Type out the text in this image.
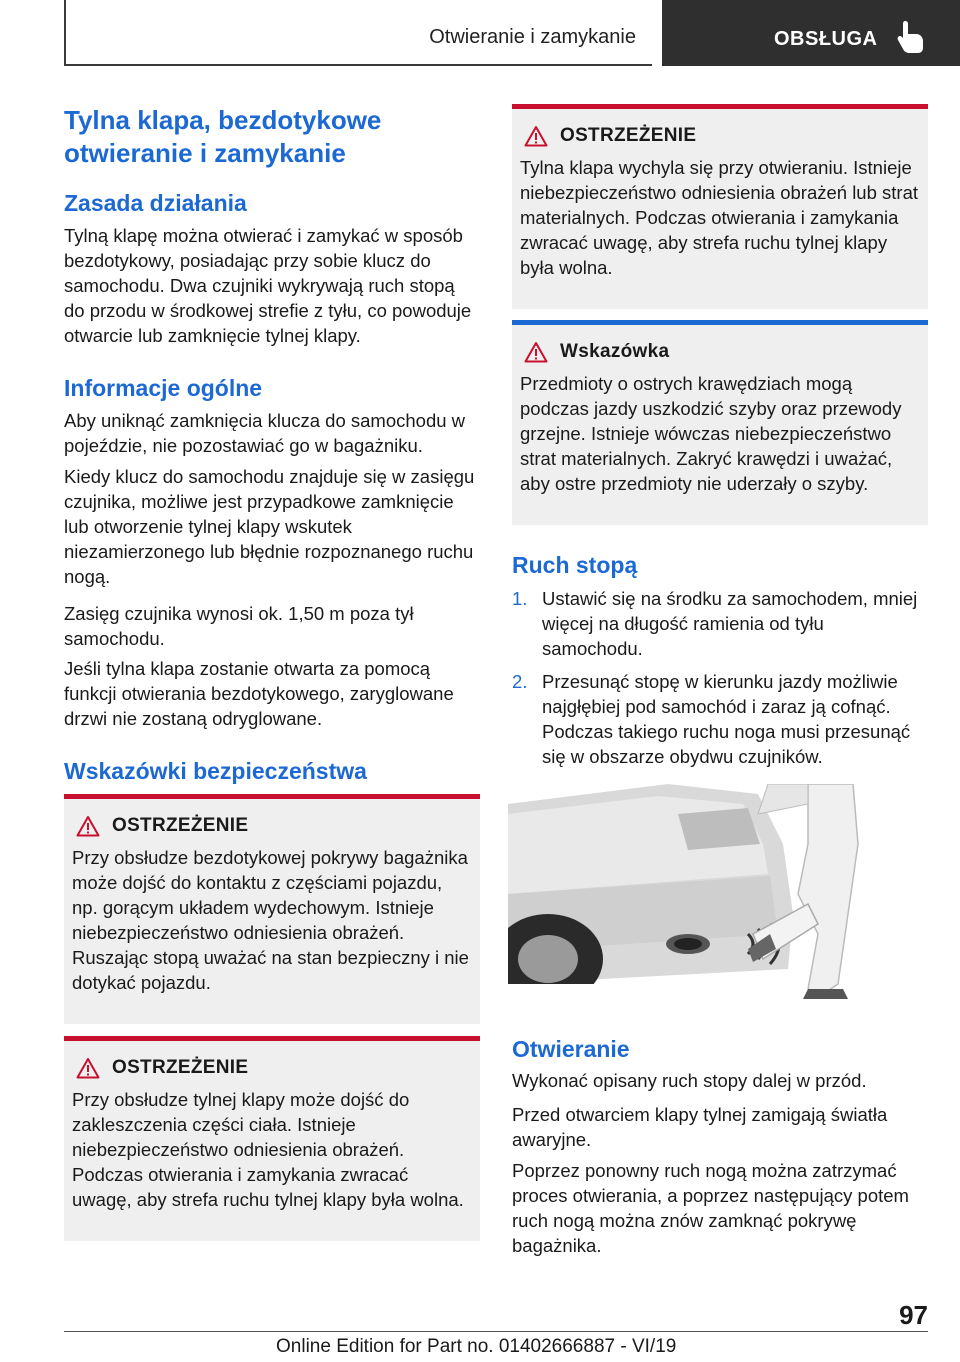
Otwieranie i zamykanie	OBSŁUGA
Tylna klapa, bezdotykowe otwieranie i zamykanie
Zasada działania

Tylną klapę można otwierać i zamykać w sposób bezdotykowy, posiadając przy sobie klucz do samochodu. Dwa czujniki wykrywają ruch stopą do przodu w środkowej strefie z tyłu, co powoduje otwarcie lub zamknięcie tylnej klapy.

Informacje ogólne

Aby uniknąć zamknięcia klucza do samochodu w pojeździe, nie pozostawiać go w bagażniku.

Kiedy klucz do samochodu znajduje się w zasięgu czujnika, możliwe jest przypadkowe zamknięcie lub otworzenie tylnej klapy wskutek niezamierzonego lub błędnie rozpoznanego ruchu nogą.

Zasięg czujnika wynosi ok. 1,50 m poza tył samochodu.

Jeśli tylna klapa zostanie otwarta za pomocą funkcji otwierania bezdotykowego, zaryglowane drzwi nie zostaną odryglowane.

Wskazówki bezpieczeństwa
OSTRZEŻENIE

Przy obsłudze bezdotykowej pokrywy bagażnika może dojść do kontaktu z częściami pojazdu, np. gorącym układem wydechowym. Istnieje niebezpieczeństwo odniesienia obrażeń. Ruszając stopą uważać na stan bezpieczny i nie dotykać pojazdu.

OSTRZEŻENIE

Przy obsłudze tylnej klapy może dojść do zakleszczenia części ciała. Istnieje niebezpieczeństwo odniesienia obrażeń. Podczas otwierania i zamykania zwracać uwagę, aby strefa ruchu tylnej klapy była wolna.

OSTRZEŻENIE

Tylna klapa wychyla się przy otwieraniu. Istnieje niebezpieczeństwo odniesienia obrażeń lub strat materialnych. Podczas otwierania i zamykania zwracać uwagę, aby strefa ruchu tylnej klapy była wolna.

Wskazówka

Przedmioty o ostrych krawędziach mogą podczas jazdy uszkodzić szyby oraz przewody grzejne. Istnieje wówczas niebezpieczeństwo strat materialnych. Zakryć krawędzi i uważać, aby ostre przedmioty nie uderzały o szyby.

Ruch stopą
1. Ustawić się na środku za samochodem, mniej więcej na długość ramienia od tyłu samochodu.
2. Przesunąć stopę w kierunku jazdy możliwie najgłębiej pod samochód i zaraz ją cofnąć. Podczas takiego ruchu noga musi przesunąć się w obszarze obydwu czujników.
Otwieranie

Wykonać opisany ruch stopy dalej w przód.

Przed otwarciem klapy tylnej zamigają światła awaryjne.

Poprzez ponowny ruch nogą można zatrzymać proces otwierania, a poprzez następujący potem ruch nogą można znów zamknąć pokrywę bagażnika.

97
Online Edition for Part no. 01402666887 - VI/19
